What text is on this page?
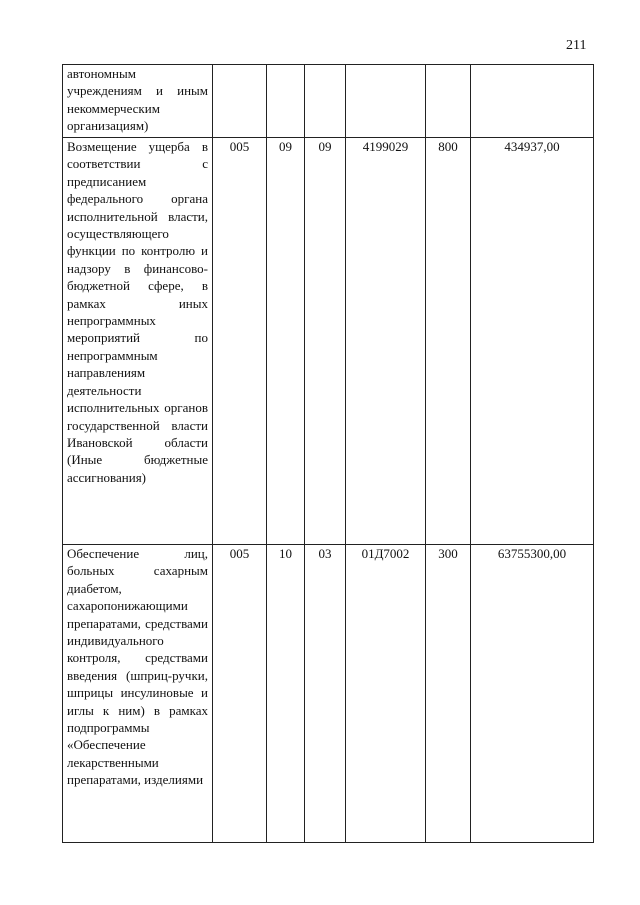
211
автономным учреждениям и иным некоммерческим организациям)						
Возмещение ущерба в соответствии с предписанием федерального органа исполнительной власти, осуществляющего функции по контролю и надзору в финансово-бюджетной сфере, в рамках иных непрограммных мероприятий по непрограммным направлениям деятельности исполнительных органов государственной власти Ивановской области (Иные бюджетные ассигнования)	005	09	09	4199029	800	434937,00
Обеспечение лиц, больных сахарным диабетом, сахаропонижающими препаратами, средствами индивидуального контроля, средствами введения (шприц-ручки, шприцы инсулиновые и иглы к ним) в рамках подпрограммы «Обеспечение лекарственными препаратами, изделиями	005	10	03	01Д7002	300	63755300,00
